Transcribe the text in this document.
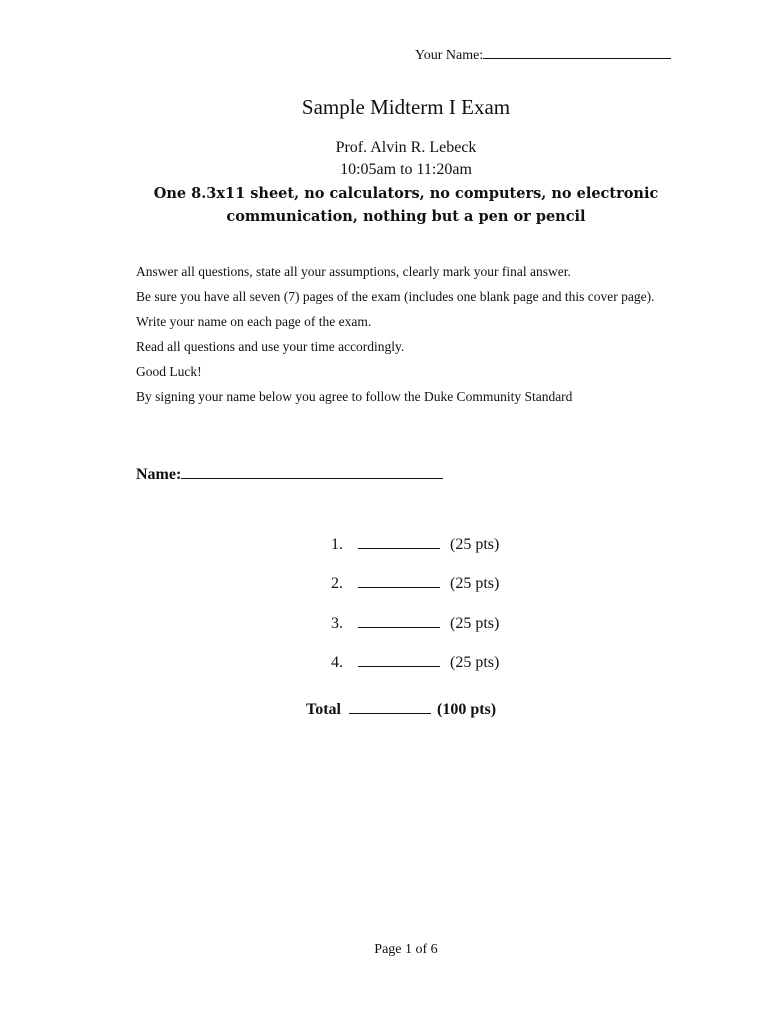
Your Name:
Sample Midterm I Exam
Prof. Alvin R. Lebeck
10:05am to 11:20am
One 8.3x11 sheet, no calculators, no computers, no electronic
communication, nothing but a pen or pencil

Answer all questions, state all your assumptions, clearly mark your final answer.

Be sure you have all seven (7) pages of the exam (includes one blank page and this cover page).

Write your name on each page of the exam.

Read all questions and use your time accordingly.

Good Luck!

By signing your name below you agree to follow the Duke Community Standard

Name:
1.	(25 pts)
2.	(25 pts)
3.	(25 pts)
4.	(25 pts)
Total	(100 pts)
Page 1 of 6
